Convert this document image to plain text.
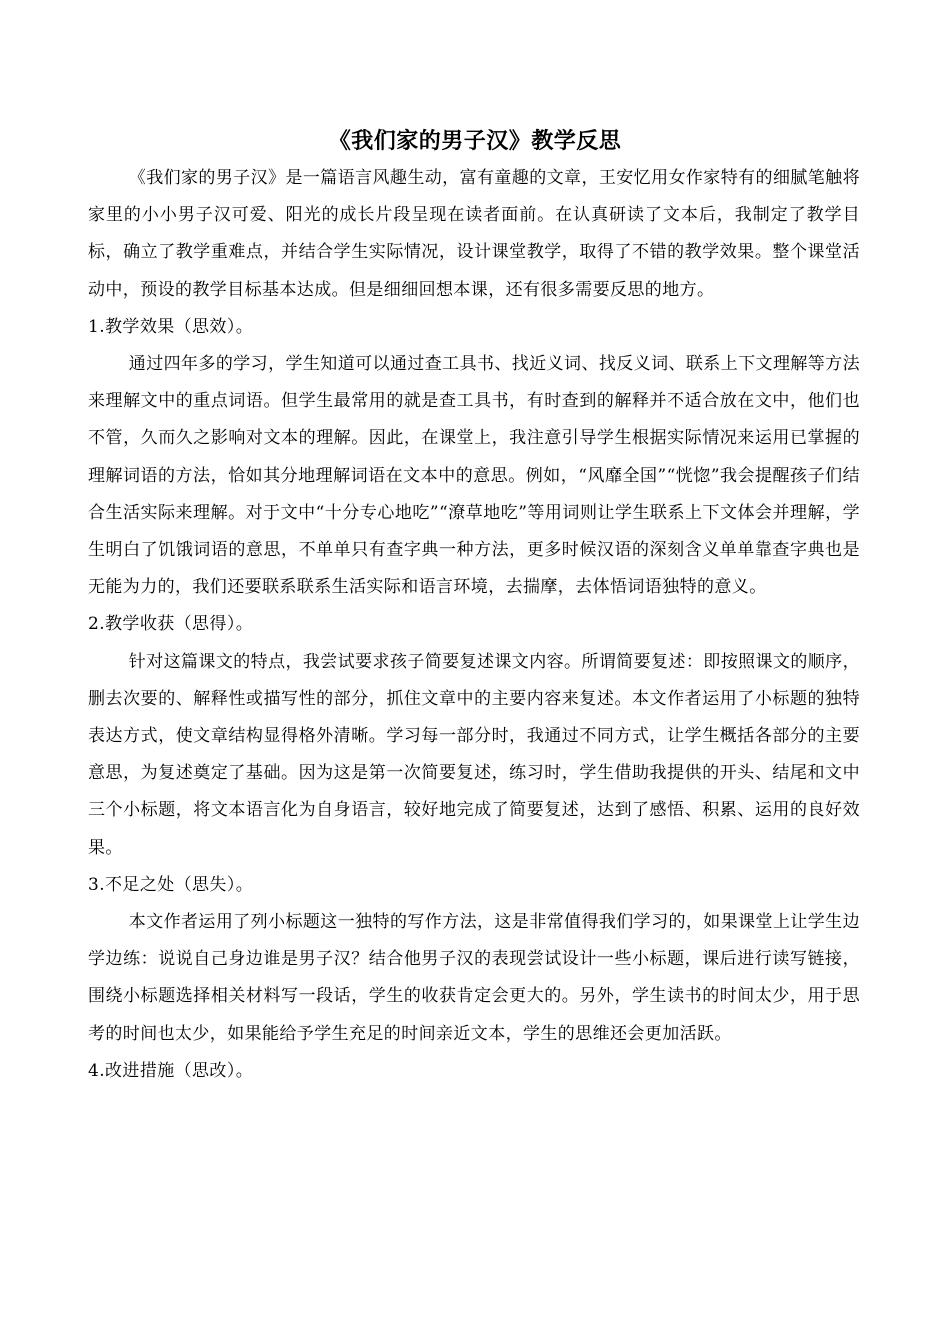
《我们家的男子汉》教学反思

《我们家的男子汉》是一篇语言风趣生动，富有童趣的文章，王安忆用女作家特有的细腻笔触将家里的小小男子汉可爱、阳光的成长片段呈现在读者面前。在认真研读了文本后，我制定了教学目标，确立了教学重难点，并结合学生实际情况，设计课堂教学，取得了不错的教学效果。整个课堂活动中，预设的教学目标基本达成。但是细细回想本课，还有很多需要反思的地方。

1.教学效果（思效）。

通过四年多的学习，学生知道可以通过查工具书、找近义词、找反义词、联系上下文理解等方法来理解文中的重点词语。但学生最常用的就是查工具书，有时查到的解释并不适合放在文中，他们也不管，久而久之影响对文本的理解。因此，在课堂上，我注意引导学生根据实际情况来运用已掌握的理解词语的方法，恰如其分地理解词语在文本中的意思。例如，“风靡全国”“恍惚”我会提醒孩子们结合生活实际来理解。对于文中“十分专心地吃”“潦草地吃”等用词则让学生联系上下文体会并理解，学生明白了饥饿词语的意思，不单单只有查字典一种方法，更多时候汉语的深刻含义单单靠查字典也是无能为力的，我们还要联系联系生活实际和语言环境，去揣摩，去体悟词语独特的意义。

2.教学收获（思得）。

针对这篇课文的特点，我尝试要求孩子简要复述课文内容。所谓简要复述：即按照课文的顺序，删去次要的、解释性或描写性的部分，抓住文章中的主要内容来复述。本文作者运用了小标题的独特表达方式，使文章结构显得格外清晰。学习每一部分时，我通过不同方式，让学生概括各部分的主要意思，为复述奠定了基础。因为这是第一次简要复述，练习时，学生借助我提供的开头、结尾和文中三个小标题，将文本语言化为自身语言，较好地完成了简要复述，达到了感悟、积累、运用的良好效果。

3.不足之处（思失）。

本文作者运用了列小标题这一独特的写作方法，这是非常值得我们学习的，如果课堂上让学生边学边练：说说自己身边谁是男子汉？结合他男子汉的表现尝试设计一些小标题，课后进行读写链接，围绕小标题选择相关材料写一段话，学生的收获肯定会更大的。另外，学生读书的时间太少，用于思考的时间也太少，如果能给予学生充足的时间亲近文本，学生的思维还会更加活跃。

4.改进措施（思改）。
